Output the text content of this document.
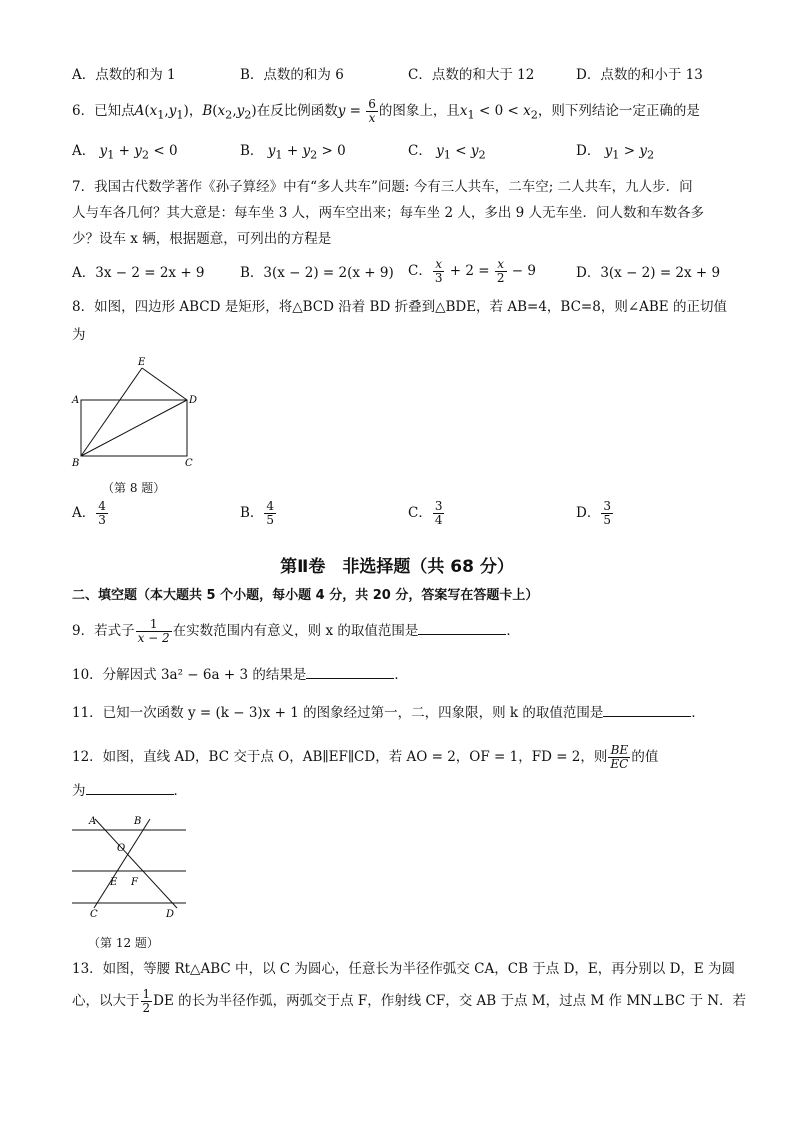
A．点数的和为 1	B．点数的和为 6	C．点数的和大于 12	D．点数的和小于 13
6．已知点$A(x_1,y_1)$，$B(x_2,y_2)$在反比例函数$y = \frac{6}{x}$ 的图象上，且$x_1 < 0 < x_2$，则下列结论一定正确的是
A． $y_1 + y_2 < 0$	B． $y_1 + y_2 > 0$	C． $y_1 < y_2$	D． $y_1 > y_2$
7．我国古代数学著作《孙子算经》中有“多人共车”问题: 今有三人共车，二车空; 二人共车，九人步．问
人与车各几何？其大意是：每车坐 3 人，两车空出来；每车坐 2 人，多出 9 人无车坐．问人数和车数各多
少？设车 x 辆，根据题意，可列出的方程是
A．3x − 2 = 2x + 9	B．3(x − 2) = 2(x + 9) C． $\frac{x}{3} + 2 = \frac{x}{2} - 9$	D．3(x − 2) = 2x + 9
8．如图，四边形 ABCD 是矩形，将△BCD 沿着 BD 折叠到△BDE，若 AB=4，BC=8，则∠ABE 的正切值
为
E
A	D
B	C
（第 8 题）
A． $\frac{4}{3}$	B． $\frac{4}{5}$	C． $\frac{3}{4}$	D． $\frac{3}{5}$
第Ⅱ卷　非选择题（共 68 分）
二、填空题（本大题共 5 个小题，每小题 4 分，共 20 分，答案写在答题卡上）
9．若式子 $\frac{1}{x - 2}$ 在实数范围内有意义，则 x 的取值范围是	．
10．分解因式 3a² − 6a + 3 的结果是	．
11．已知一次函数 y = (k − 3)x + 1 的图象经过第一，二，四象限，则 k 的取值范围是	．
12．如图，直线 AD，BC 交于点 O，AB∥EF∥CD，若 AO = 2，OF = 1，FD = 2，则 $\frac{BE}{EC}$ 的值
为	．
A	B
O
E F
C	D
（第 12 题）
13．如图，等腰 Rt△ABC 中，以 C 为圆心，任意长为半径作弧交 CA，CB 于点 D，E，再分别以 D，E 为圆
心，以大于 $\frac{1}{2}$ DE 的长为半径作弧，两弧交于点 F，作射线 CF，交 AB 于点 M，过点 M 作 MN⊥BC 于 N．若
